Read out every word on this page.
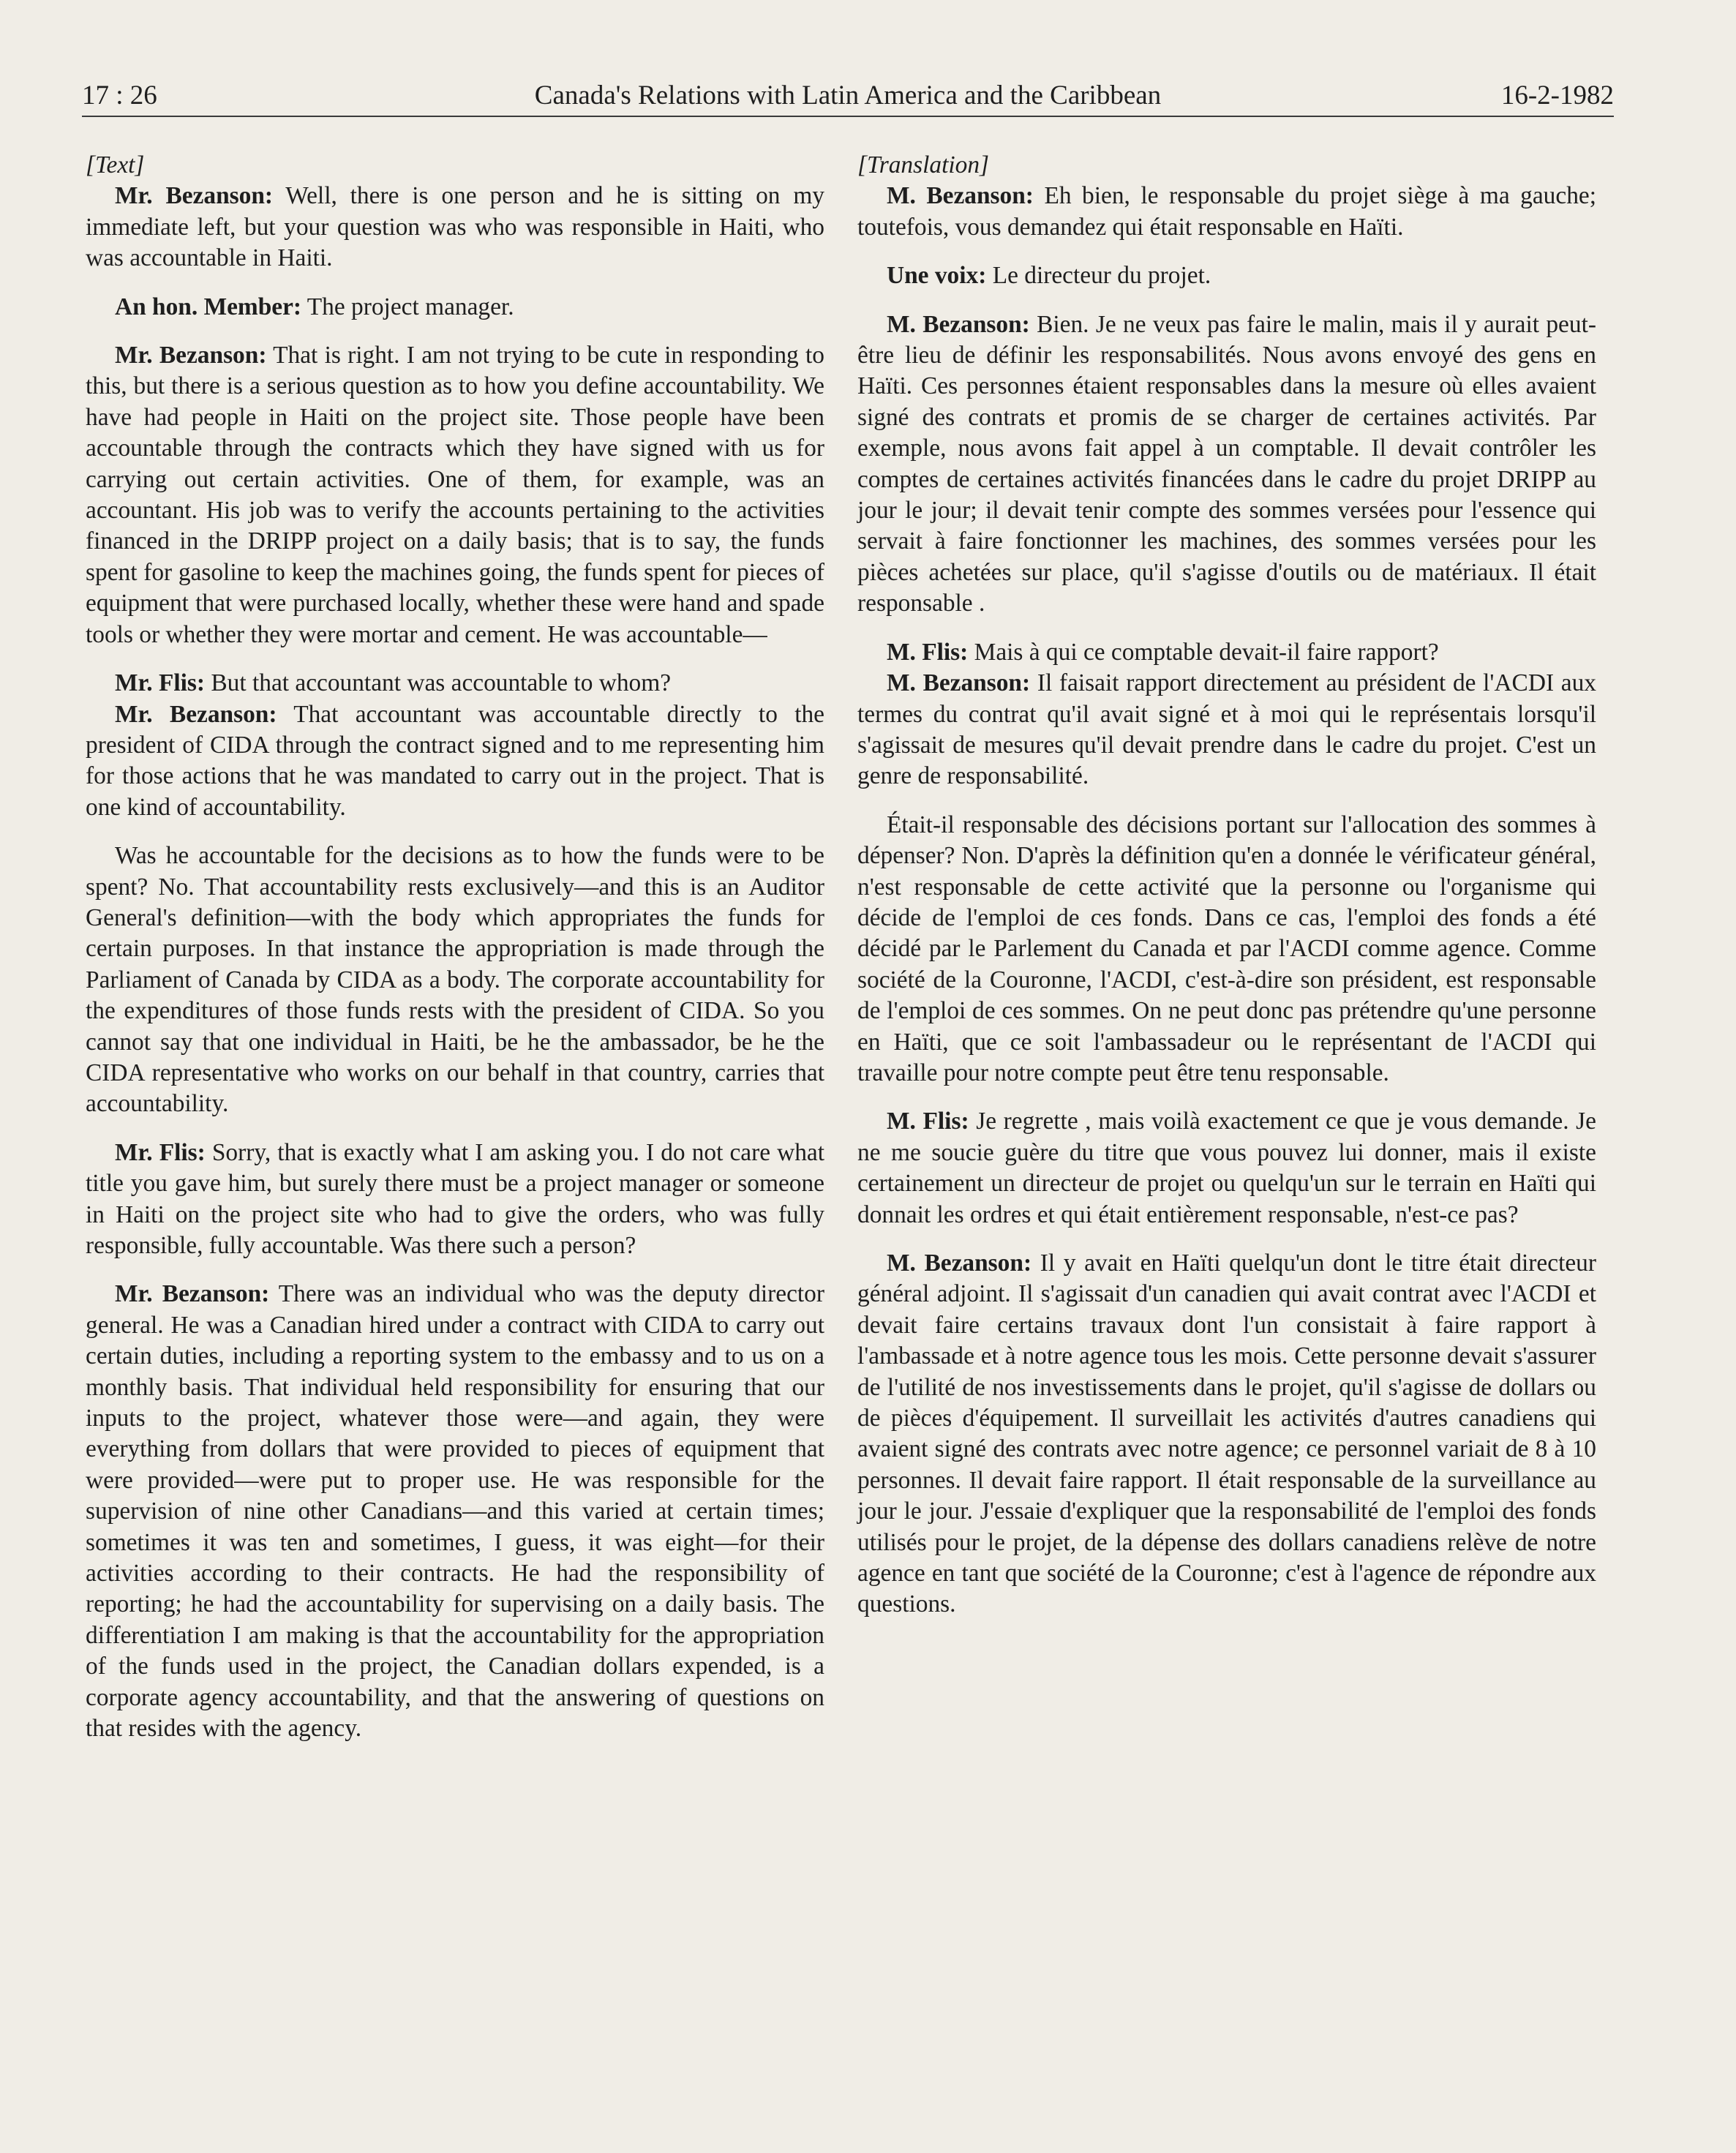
17 : 26	Canada's Relations with Latin America and the Caribbean	16-2-1982

[Text]

Mr. Bezanson: Well, there is one person and he is sitting on my immediate left, but your question was who was responsible in Haiti, who was accountable in Haiti.

An hon. Member: The project manager.

Mr. Bezanson: That is right. I am not trying to be cute in responding to this, but there is a serious question as to how you define accountability. We have had people in Haiti on the project site. Those people have been accountable through the contracts which they have signed with us for carrying out certain activities. One of them, for example, was an accountant. His job was to verify the accounts pertaining to the activities financed in the DRIPP project on a daily basis; that is to say, the funds spent for gasoline to keep the machines going, the funds spent for pieces of equipment that were purchased locally, whether these were hand and spade tools or whether they were mortar and cement. He was accountable—

Mr. Flis: But that accountant was accountable to whom?

Mr. Bezanson: That accountant was accountable directly to the president of CIDA through the contract signed and to me representing him for those actions that he was mandated to carry out in the project. That is one kind of accountability.

Was he accountable for the decisions as to how the funds were to be spent? No. That accountability rests exclusively—and this is an Auditor General's definition—with the body which appropriates the funds for certain purposes. In that instance the appropriation is made through the Parliament of Canada by CIDA as a body. The corporate accountability for the expenditures of those funds rests with the president of CIDA. So you cannot say that one individual in Haiti, be he the ambassador, be he the CIDA representative who works on our behalf in that country, carries that accountability.

Mr. Flis: Sorry, that is exactly what I am asking you. I do not care what title you gave him, but surely there must be a project manager or someone in Haiti on the project site who had to give the orders, who was fully responsible, fully accountable. Was there such a person?

Mr. Bezanson: There was an individual who was the deputy director general. He was a Canadian hired under a contract with CIDA to carry out certain duties, including a reporting system to the embassy and to us on a monthly basis. That individual held responsibility for ensuring that our inputs to the project, whatever those were—and again, they were everything from dollars that were provided to pieces of equipment that were provided—were put to proper use. He was responsible for the supervision of nine other Canadians—and this varied at certain times; sometimes it was ten and sometimes, I guess, it was eight—for their activities according to their contracts. He had the responsibility of reporting; he had the accountability for supervising on a daily basis. The differentiation I am making is that the accountability for the appropriation of the funds used in the project, the Canadian dollars expended, is a corporate agency accountability, and that the answering of questions on that resides with the agency.

[Translation]

M. Bezanson: Eh bien, le responsable du projet siège à ma gauche; toutefois, vous demandez qui était responsable en Haïti.

Une voix: Le directeur du projet.

M. Bezanson: Bien. Je ne veux pas faire le malin, mais il y aurait peut-être lieu de définir les responsabilités. Nous avons envoyé des gens en Haïti. Ces personnes étaient responsables dans la mesure où elles avaient signé des contrats et promis de se charger de certaines activités. Par exemple, nous avons fait appel à un comptable. Il devait contrôler les comptes de certaines activités financées dans le cadre du projet DRIPP au jour le jour; il devait tenir compte des sommes versées pour l'essence qui servait à faire fonctionner les machines, des sommes versées pour les pièces achetées sur place, qu'il s'agisse d'outils ou de matériaux. Il était responsable .

M. Flis: Mais à qui ce comptable devait-il faire rapport?

M. Bezanson: Il faisait rapport directement au président de l'ACDI aux termes du contrat qu'il avait signé et à moi qui le représentais lorsqu'il s'agissait de mesures qu'il devait prendre dans le cadre du projet. C'est un genre de responsabilité.

Était-il responsable des décisions portant sur l'allocation des sommes à dépenser? Non. D'après la définition qu'en a donnée le vérificateur général, n'est responsable de cette activité que la personne ou l'organisme qui décide de l'emploi de ces fonds. Dans ce cas, l'emploi des fonds a été décidé par le Parlement du Canada et par l'ACDI comme agence. Comme société de la Couronne, l'ACDI, c'est-à-dire son président, est responsable de l'emploi de ces sommes. On ne peut donc pas prétendre qu'une personne en Haïti, que ce soit l'ambassadeur ou le représentant de l'ACDI qui travaille pour notre compte peut être tenu responsable.

M. Flis: Je regrette , mais voilà exactement ce que je vous demande. Je ne me soucie guère du titre que vous pouvez lui donner, mais il existe certainement un directeur de projet ou quelqu'un sur le terrain en Haïti qui donnait les ordres et qui était entièrement responsable, n'est-ce pas?

M. Bezanson: Il y avait en Haïti quelqu'un dont le titre était directeur général adjoint. Il s'agissait d'un canadien qui avait contrat avec l'ACDI et devait faire certains travaux dont l'un consistait à faire rapport à l'ambassade et à notre agence tous les mois. Cette personne devait s'assurer de l'utilité de nos investissements dans le projet, qu'il s'agisse de dollars ou de pièces d'équipement. Il surveillait les activités d'autres canadiens qui avaient signé des contrats avec notre agence; ce personnel variait de 8 à 10 personnes. Il devait faire rapport. Il était responsable de la surveillance au jour le jour. J'essaie d'expliquer que la responsabilité de l'emploi des fonds utilisés pour le projet, de la dépense des dollars canadiens relève de notre agence en tant que société de la Couronne; c'est à l'agence de répondre aux questions.
